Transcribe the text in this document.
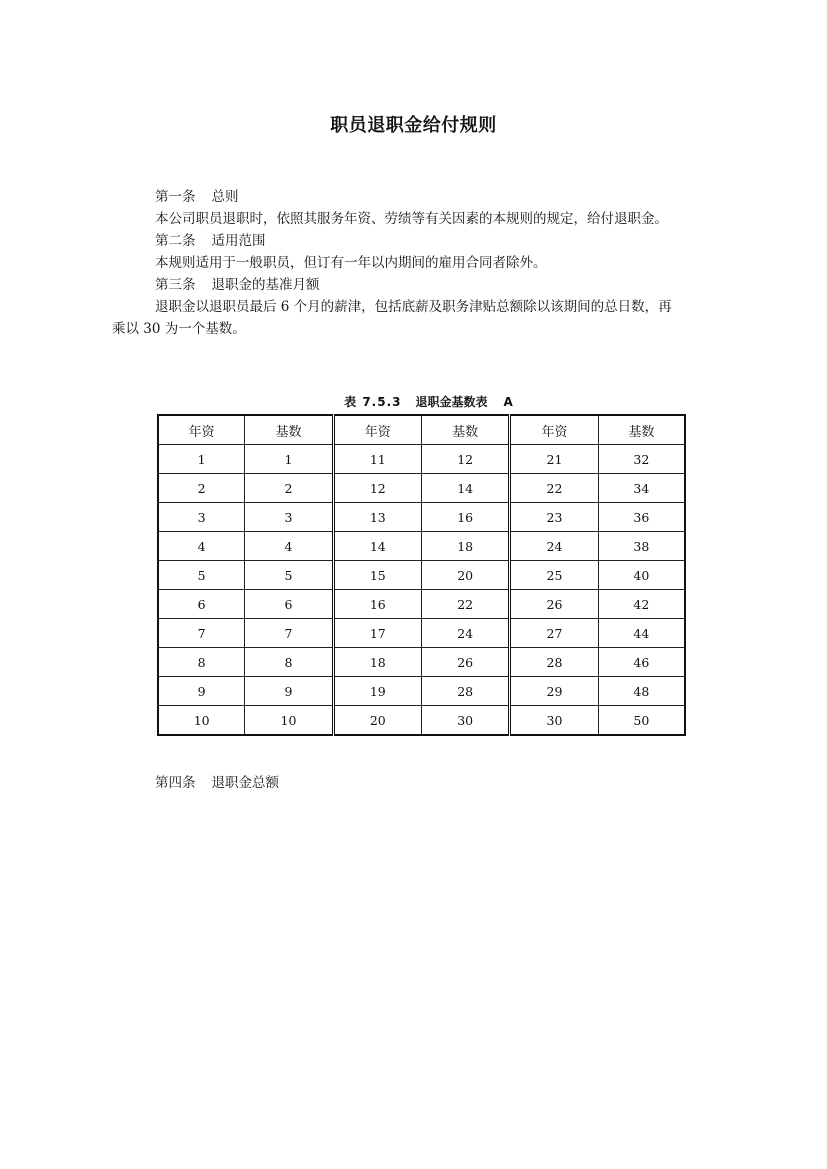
职员退职金给付规则
第一条 总则
本公司职员退职时，依照其服务年资、劳绩等有关因素的本规则的规定，给付退职金。
第二条 适用范围
本规则适用于一般职员，但订有一年以内期间的雇用合同者除外。
第三条 退职金的基准月额
退职金以退职员最后 6 个月的薪津，包括底薪及职务津贴总额除以该期间的总日数，再
乘以 30 为一个基数。
表 7.5.3 退职金基数表 A
年资	基数	年资	基数	年资	基数
1	1	11	12	21	32
2	2	12	14	22	34
3	3	13	16	23	36
4	4	14	18	24	38
5	5	15	20	25	40
6	6	16	22	26	42
7	7	17	24	27	44
8	8	18	26	28	46
9	9	19	28	29	48
10	10	20	30	30	50
第四条 退职金总额
